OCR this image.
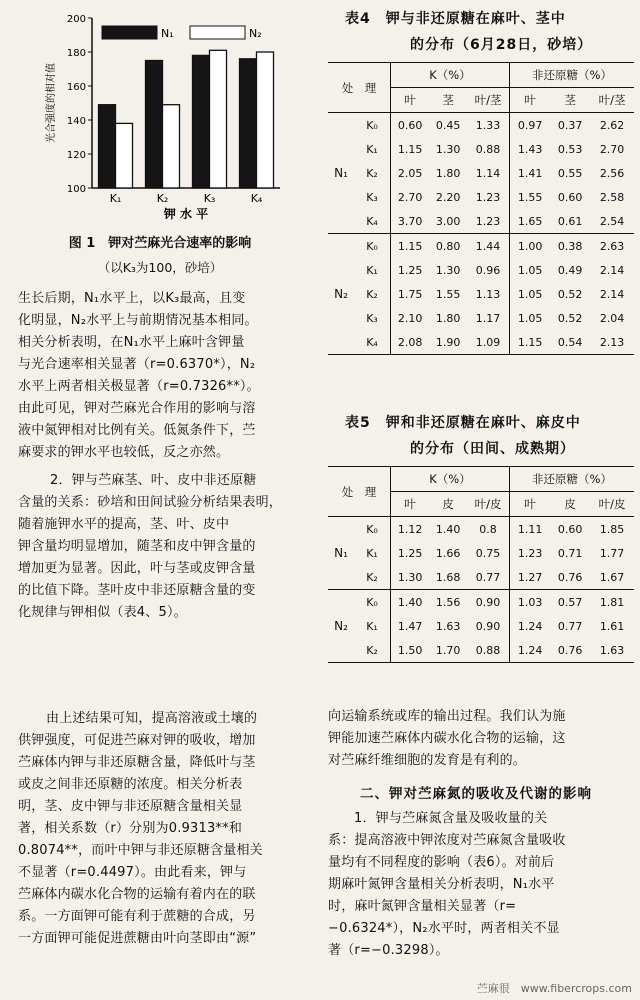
100
120
140
160
180
200
光合强度的相对值
K₁	K₂	K₃	K₄
N₁	N₂
钾 水 平
图 1　钾对苎麻光合速率的影响
（以K₃为100，砂培）
生长后期，N₁水平上，以K₃最高，且变
化明显，N₂水平上与前期情况基本相同。
相关分析表明，在N₁水平上麻叶含钾量
与光合速率相关显著（r=0.6370*），N₂
水平上两者相关极显著（r=0.7326**）。
由此可见，钾对苎麻光合作用的影响与溶
液中氮钾相对比例有关。低氮条件下，苎
麻要求的钾水平也较低，反之亦然。
2．钾与苎麻茎、叶、皮中非还原糖
含量的关系：砂培和田间试验分析结果表明，
随着施钾水平的提高，茎、叶、皮中
钾含量均明显增加，随茎和皮中钾含量的
增加更为显著。因此，叶与茎或皮钾含量
的比值下降。茎叶皮中非还原糖含量的变
化规律与钾相似（表4、5）。
由上述结果可知，提高溶液或土壤的
供钾强度，可促进苎麻对钾的吸收，增加
苎麻体内钾与非还原糖含量，降低叶与茎
或皮之间非还原糖的浓度。相关分析表
明，茎、皮中钾与非还原糖含量相关显
著，相关系数（r）分别为0.9313**和
0.8074**，而叶中钾与非还原糖含量相关
不显著（r=0.4497）。由此看来，钾与
苎麻体内碳水化合物的运输有着内在的联
系。一方面钾可能有利于蔗糖的合成，另
一方面钾可能促进蔗糖由叶向茎即由“源”
表4　钾与非还原糖在麻叶、茎中
的分布（6月28日，砂培）
处　理		K（%）			非还原糖（%）		
		叶	茎	叶/茎	叶	茎	叶/茎
N₁	K₀	0.60	0.45	1.33	0.97	0.37	2.62
	K₁	1.15	1.30	0.88	1.43	0.53	2.70
	K₂	2.05	1.80	1.14	1.41	0.55	2.56
	K₃	2.70	2.20	1.23	1.55	0.60	2.58
	K₄	3.70	3.00	1.23	1.65	0.61	2.54
N₂	K₀	1.15	0.80	1.44	1.00	0.38	2.63
	K₁	1.25	1.30	0.96	1.05	0.49	2.14
	K₂	1.75	1.55	1.13	1.05	0.52	2.14
	K₃	2.10	1.80	1.17	1.05	0.52	2.04
	K₄	2.08	1.90	1.09	1.15	0.54	2.13
表5　钾和非还原糖在麻叶、麻皮中
的分布（田间、成熟期）
处　理		K（%）			非还原糖（%）		
		叶	皮	叶/皮	叶	皮	叶/皮
N₁	K₀	1.12	1.40	0.8	1.11	0.60	1.85
	K₁	1.25	1.66	0.75	1.23	0.71	1.77
	K₂	1.30	1.68	0.77	1.27	0.76	1.67
N₂	K₀	1.40	1.56	0.90	1.03	0.57	1.81
	K₁	1.47	1.63	0.90	1.24	0.77	1.61
	K₂	1.50	1.70	0.88	1.24	0.76	1.63
向运输系统或库的输出过程。我们认为施
钾能加速苎麻体内碳水化合物的运输，这
对苎麻纤维细胞的发育是有利的。
二、钾对苎麻氮的吸收及代谢的影响
1．钾与苎麻氮含量及吸收量的关
系：提高溶液中钾浓度对苎麻氮含量吸收
量均有不同程度的影响（表6）。对前后
期麻叶氮钾含量相关分析表明，N₁水平
时，麻叶氮钾含量相关显著（r=
−0.6324*），N₂水平时，两者相关不显
著（r=−0.3298）。
苎麻很　www.fibercrops.com
